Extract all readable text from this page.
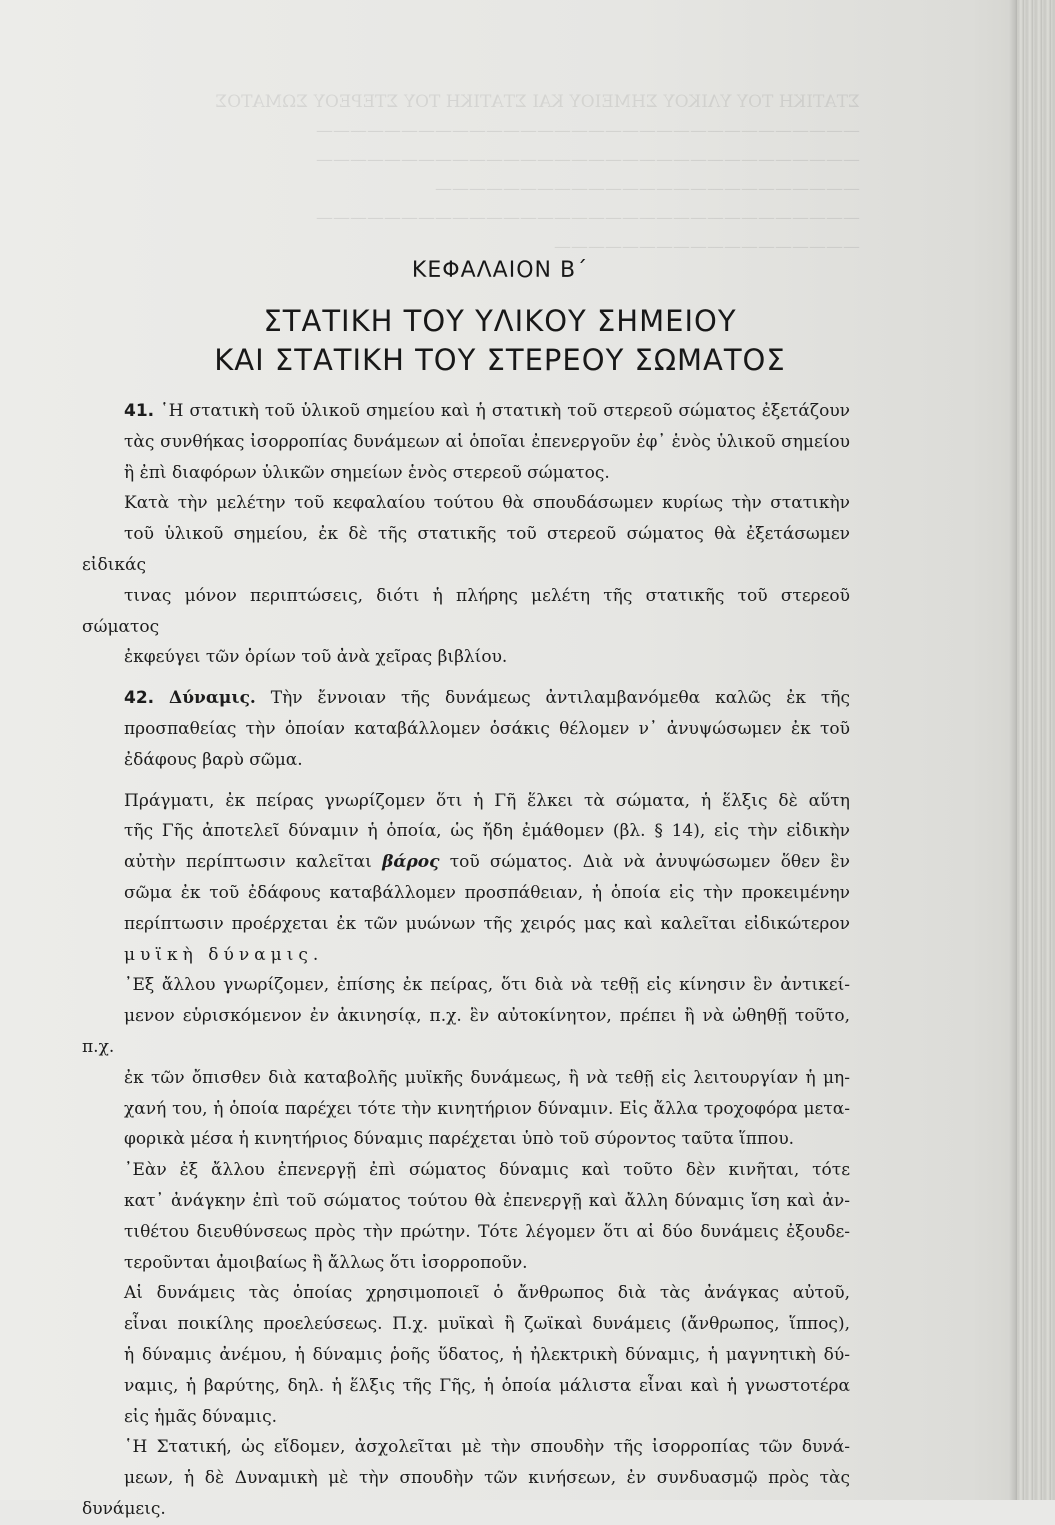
ΣΤΑΤΙΚΗ ΤΟΥ ΥΛΙΚΟΥ ΣΗΜΕΙΟΥ ΚΑΙ ΣΤΑΤΙΚΗ ΤΟΥ ΣΤΕΡΕΟΥ ΣΩΜΑΤΟΣ
————————————————————————————————
————————————————————————————————
—————————————————————————
————————————————————————————————
——————————————————
ΚΕΦΑΛΑΙΟΝ Β΄
ΣΤΑΤΙΚΗ ΤΟΥ ΥΛΙΚΟΥ ΣΗΜΕΙΟΥ
ΚΑΙ ΣΤΑΤΙΚΗ ΤΟΥ ΣΤΕΡΕΟΥ ΣΩΜΑΤΟΣ

41. ῾Η στατικὴ τοῦ ὑλικοῦ σημείου καὶ ἡ στατικὴ τοῦ στερεοῦ σώματος ἐξετάζουν
τὰς συνθήκας ἰσορροπίας δυνάμεων αἱ ὁποῖαι ἐπενεργοῦν ἐφ᾽ ἑνὸς ὑλικοῦ σημείου
ἢ ἐπὶ διαφόρων ὑλικῶν σημείων ἑνὸς στερεοῦ σώματος.

Κατὰ τὴν μελέτην τοῦ κεφαλαίου τούτου θὰ σπουδάσωμεν κυρίως τὴν στατικὴν
τοῦ ὑλικοῦ σημείου, ἐκ δὲ τῆς στατικῆς τοῦ στερεοῦ σώματος θὰ ἐξετάσωμεν εἰδικάς
τινας μόνον περιπτώσεις, διότι ἡ πλήρης μελέτη τῆς στατικῆς τοῦ στερεοῦ σώματος
ἐκφεύγει τῶν ὁρίων τοῦ ἀνὰ χεῖρας βιβλίου.

42. Δύναμις. Τὴν ἔννοιαν τῆς δυνάμεως ἀντιλαμβανόμεθα καλῶς ἐκ τῆς
προσπαθείας τὴν ὁποίαν καταβάλλομεν ὁσάκις θέλομεν ν᾽ ἀνυψώσωμεν ἐκ τοῦ
ἐδάφους βαρὺ σῶμα.

Πράγματι, ἐκ πείρας γνωρίζομεν ὅτι ἡ Γῆ ἕλκει τὰ σώματα, ἡ ἕλξις δὲ αὕτη
τῆς Γῆς ἀποτελεῖ δύναμιν ἡ ὁποία, ὡς ἤδη ἐμάθομεν (βλ. § 14), εἰς τὴν εἰδικὴν
αὐτὴν περίπτωσιν καλεῖται βάρος τοῦ σώματος. Διὰ νὰ ἀνυψώσωμεν ὅθεν ἓν
σῶμα ἐκ τοῦ ἐδάφους καταβάλλομεν προσπάθειαν, ἡ ὁποία εἰς τὴν προκειμένην
περίπτωσιν προέρχεται ἐκ τῶν μυώνων τῆς χειρός μας καὶ καλεῖται εἰδικώτερον
μυϊκὴ δύναμις.

᾿Εξ ἄλλου γνωρίζομεν, ἐπίσης ἐκ πείρας, ὅτι διὰ νὰ τεθῇ εἰς κίνησιν ἓν ἀντικεί-
μενον εὑρισκόμενον ἐν ἀκινησίᾳ, π.χ. ἓν αὐτοκίνητον, πρέπει ἢ νὰ ὠθηθῇ τοῦτο, π.χ.
ἐκ τῶν ὄπισθεν διὰ καταβολῆς μυϊκῆς δυνάμεως, ἢ νὰ τεθῇ εἰς λειτουργίαν ἡ μη-
χανή του, ἡ ὁποία παρέχει τότε τὴν κινητήριον δύναμιν. Εἰς ἄλλα τροχοφόρα μετα-
φορικὰ μέσα ἡ κινητήριος δύναμις παρέχεται ὑπὸ τοῦ σύροντος ταῦτα ἵππου.

᾿Εὰν ἐξ ἄλλου ἐπενεργῇ ἐπὶ σώματος δύναμις καὶ τοῦτο δὲν κινῆται, τότε
κατ᾽ ἀνάγκην ἐπὶ τοῦ σώματος τούτου θὰ ἐπενεργῇ καὶ ἄλλη δύναμις ἴση καὶ ἀν-
τιθέτου διευθύνσεως πρὸς τὴν πρώτην. Τότε λέγομεν ὅτι αἱ δύο δυνάμεις ἐξουδε-
τεροῦνται ἀμοιβαίως ἢ ἄλλως ὅτι ἰσορροποῦν.

Αἱ δυνάμεις τὰς ὁποίας χρησιμοποιεῖ ὁ ἄνθρωπος διὰ τὰς ἀνάγκας αὐτοῦ,
εἶναι ποικίλης προελεύσεως. Π.χ. μυϊκαὶ ἢ ζωϊκαὶ δυνάμεις (ἄνθρωπος, ἵππος),
ἡ δύναμις ἀνέμου, ἡ δύναμις ῥοῆς ὕδατος, ἡ ἠλεκτρικὴ δύναμις, ἡ μαγνητικὴ δύ-
ναμις, ἡ βαρύτης, δηλ. ἡ ἕλξις τῆς Γῆς, ἡ ὁποία μάλιστα εἶναι καὶ ἡ γνωστοτέρα
εἰς ἡμᾶς δύναμις.

῾Η Στατική, ὡς εἴδομεν, ἀσχολεῖται μὲ τὴν σπουδὴν τῆς ἰσορροπίας τῶν δυνά-
μεων, ἡ δὲ Δυναμικὴ μὲ τὴν σπουδὴν τῶν κινήσεων, ἐν συνδυασμῷ πρὸς τὰς δυνάμεις.
